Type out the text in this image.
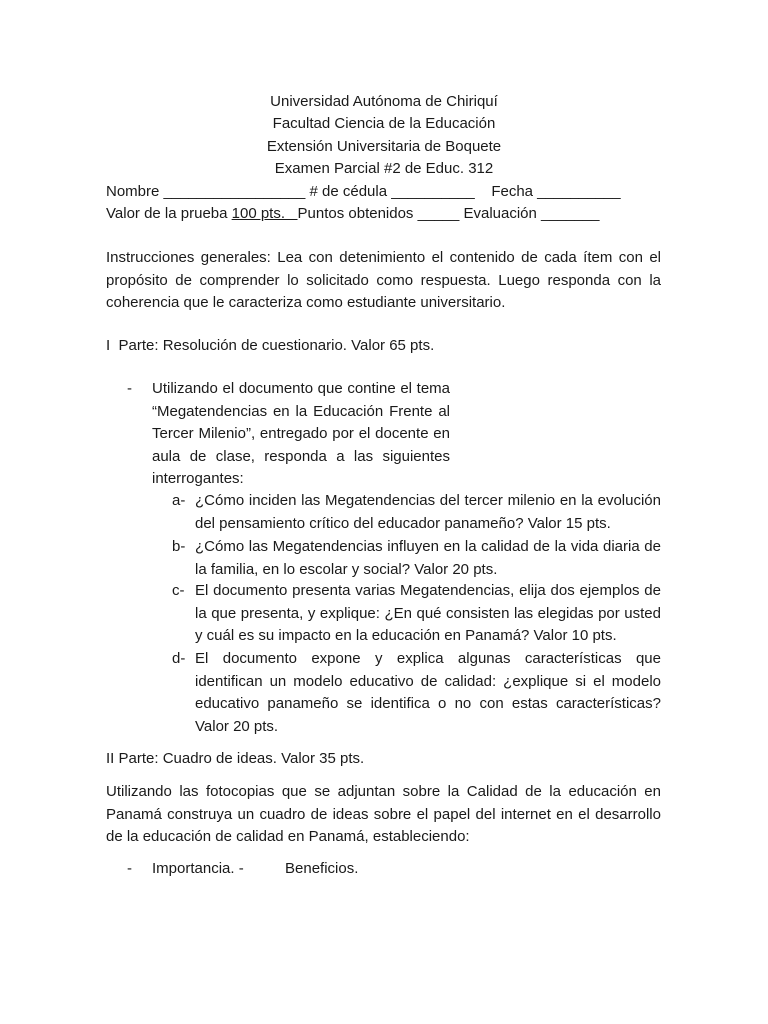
Universidad Autónoma de Chiriquí
Facultad Ciencia de la Educación
Extensión Universitaria de Boquete
Examen Parcial #2 de Educ. 312
Nombre _________________ # de cédula __________    Fecha __________
Valor de la prueba 100 pts.   Puntos obtenidos _____ Evaluación _______
Instrucciones generales: Lea con detenimiento el contenido de cada ítem con el propósito de comprender lo solicitado como respuesta. Luego responda con la coherencia que le caracteriza como estudiante universitario.
I  Parte: Resolución de cuestionario. Valor 65 pts.
- Utilizando el documento que contine el tema “Megatendencias en la Educación Frente al Tercer Milenio”, entregado por el docente en aula de clase, responda a las siguientes interrogantes:
a- ¿Cómo inciden las Megatendencias del tercer milenio en la evolución del pensamiento crítico del educador panameño? Valor 15 pts.
b- ¿Cómo las Megatendencias influyen en la calidad de la vida diaria de la familia, en lo escolar y social? Valor 20 pts.
c- El documento presenta varias Megatendencias, elija dos ejemplos de la que presenta, y explique: ¿En qué consisten las elegidas por usted y cuál es su impacto en la educación en Panamá? Valor 10 pts.
d- El documento expone y explica algunas características que identifican un modelo educativo de calidad: ¿explique si el modelo educativo panameño se identifica o no con estas características? Valor 20 pts.
II Parte: Cuadro de ideas. Valor 35 pts.
Utilizando las fotocopias que se adjuntan sobre la Calidad de la educación en Panamá construya un cuadro de ideas sobre el papel del internet en el desarrollo de la educación de calidad en Panamá, estableciendo:
- Importancia. -	Beneficios.
